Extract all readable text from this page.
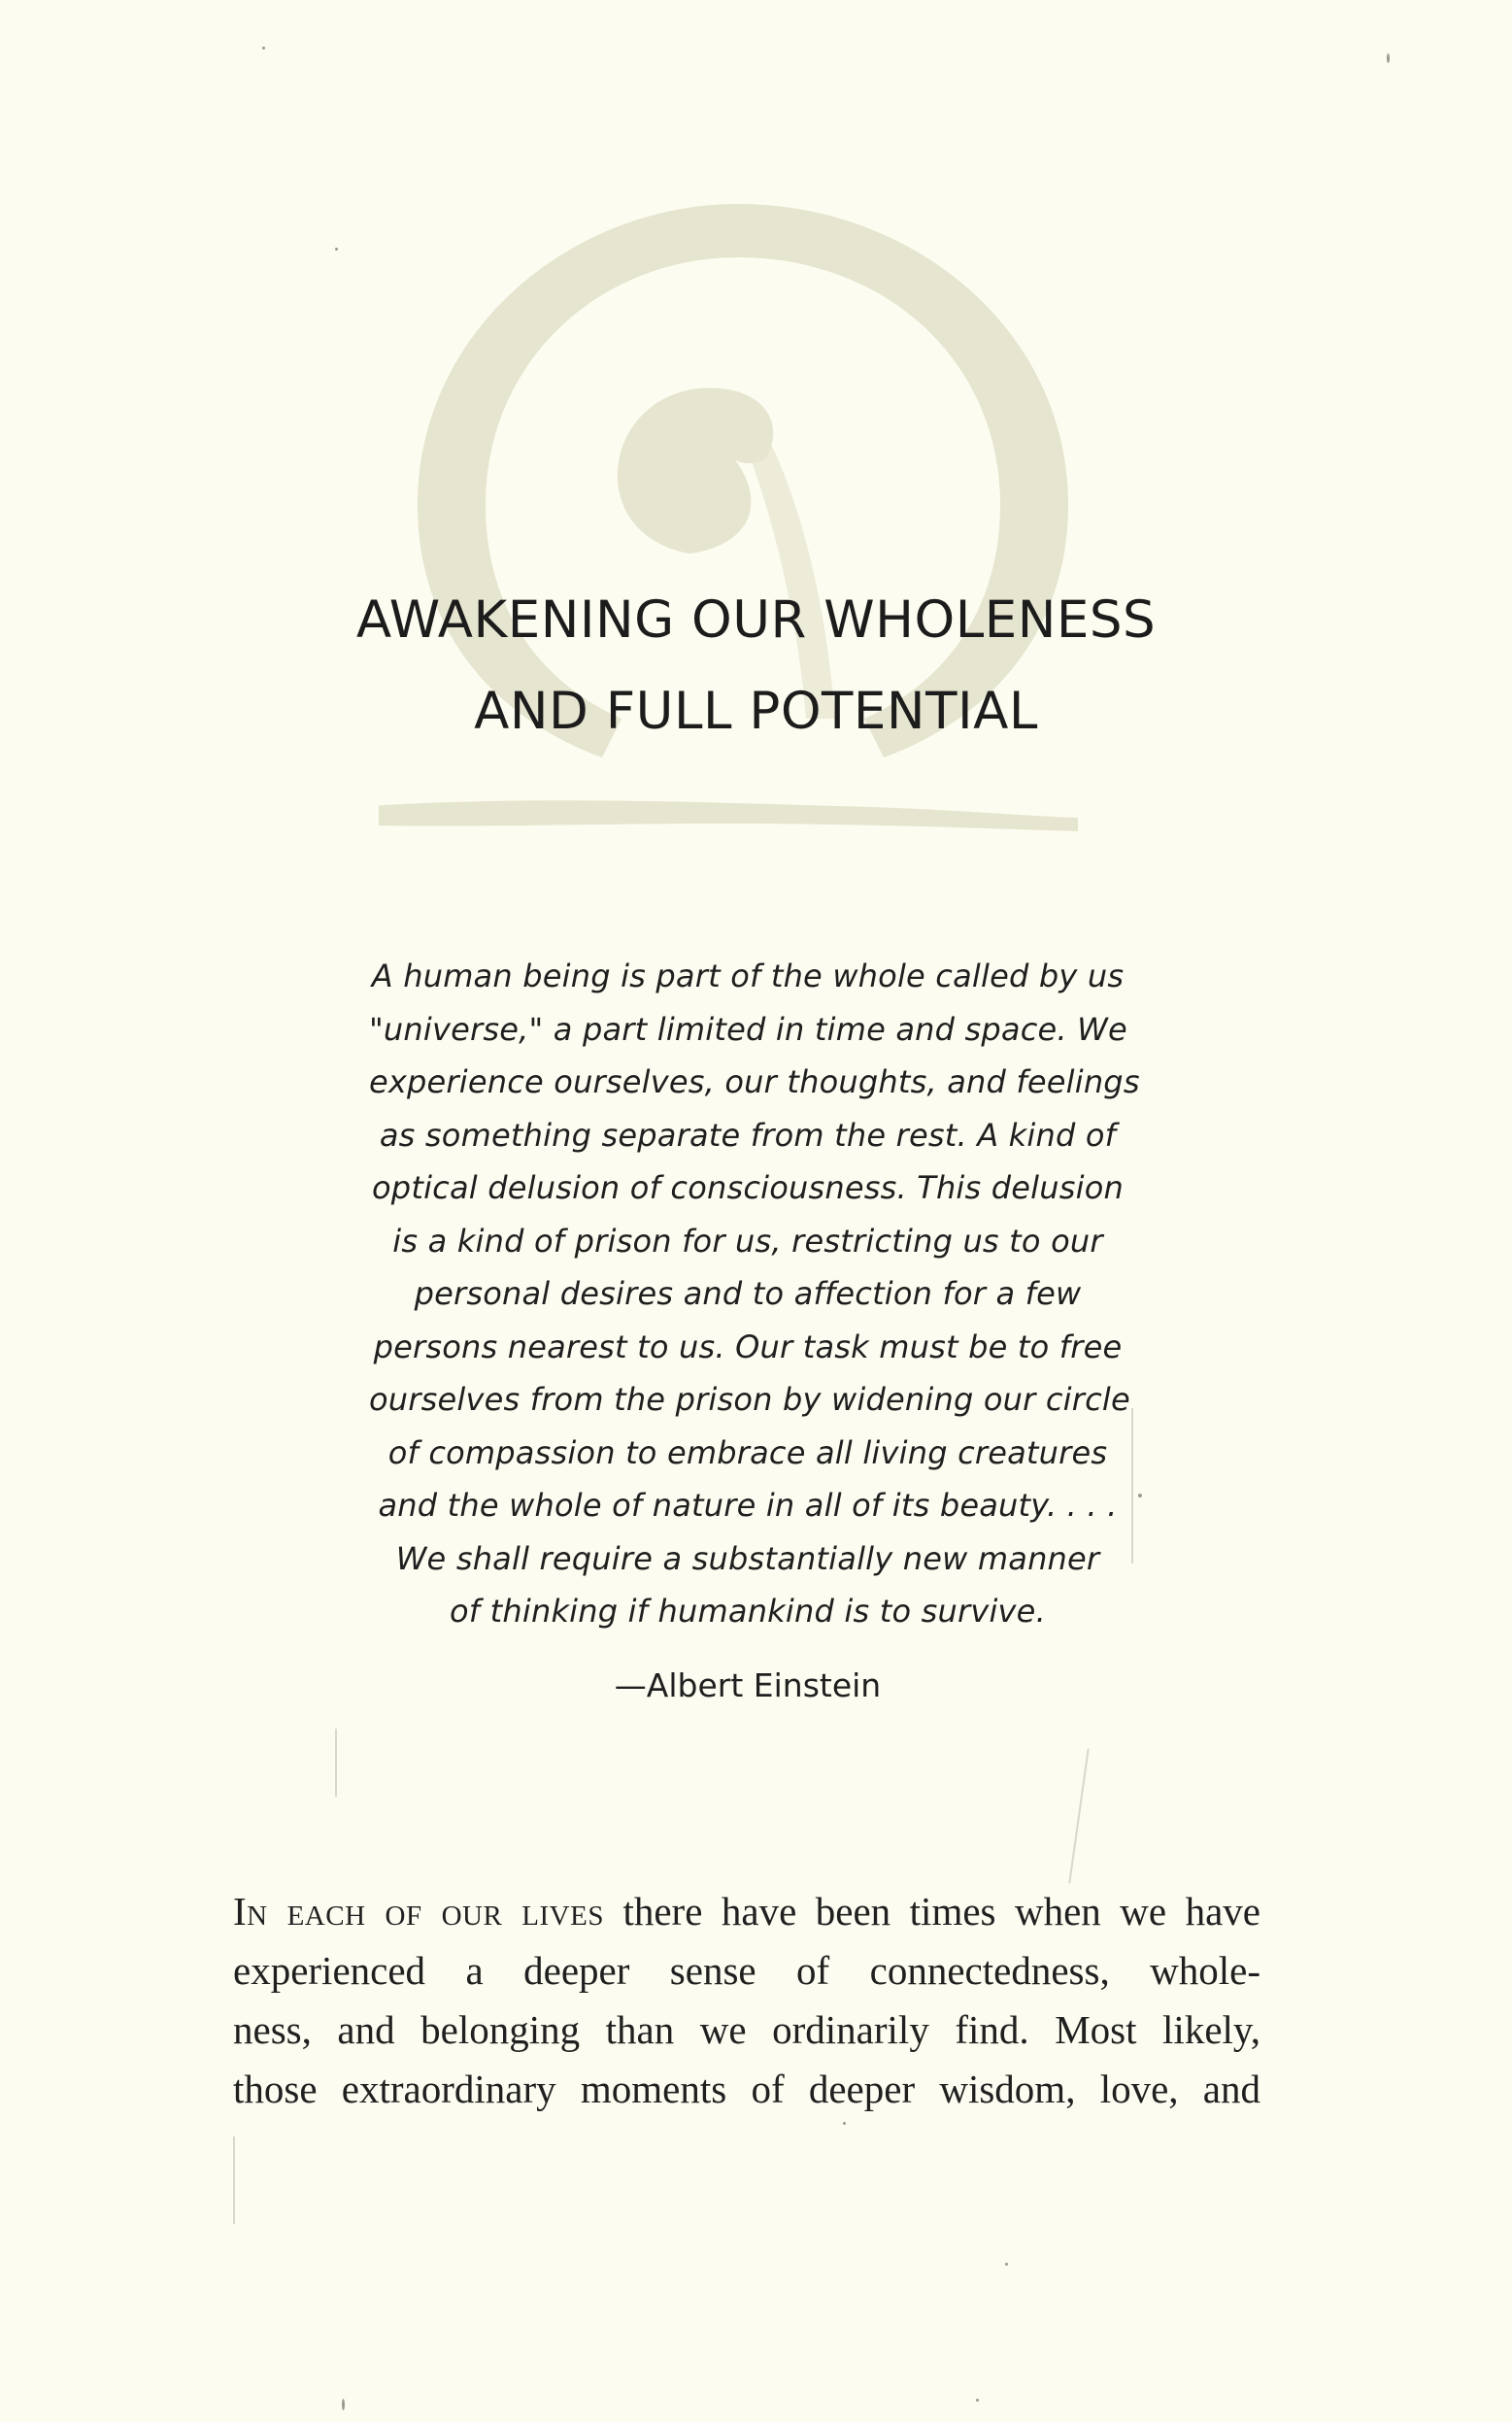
AWAKENING OUR WHOLENESS
AND FULL POTENTIAL
A human being is part of the whole called by us
"universe," a part limited in time and space. We
experience ourselves, our thoughts, and feelings
as something separate from the rest. A kind of
optical delusion of consciousness. This delusion
is a kind of prison for us, restricting us to our
personal desires and to affection for a few
persons nearest to us. Our task must be to free
ourselves from the prison by widening our circle
of compassion to embrace all living creatures
and the whole of nature in all of its beauty. . . .
We shall require a substantially new manner
of thinking if humankind is to survive.
—Albert Einstein
In each of our lives there have been times when we have
experienced a deeper sense of connectedness, whole-
ness, and belonging than we ordinarily find. Most likely,
those extraordinary moments of deeper wisdom, love, and
